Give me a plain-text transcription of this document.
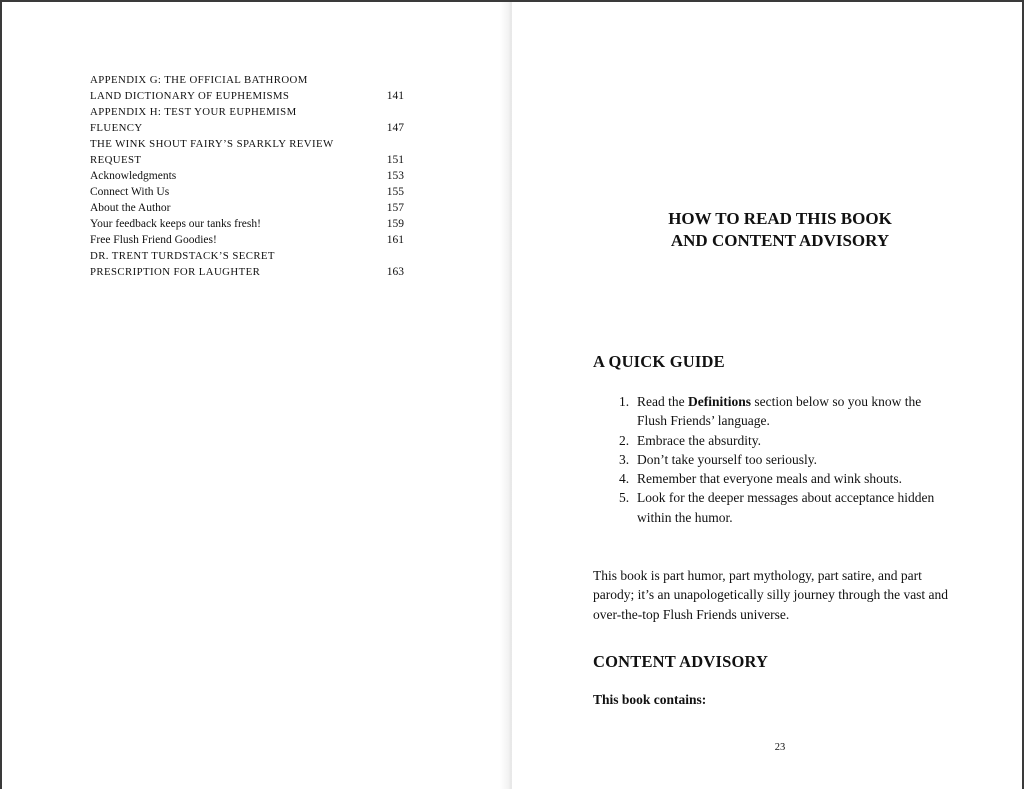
APPENDIX G: THE OFFICIAL BATHROOM
LAND DICTIONARY OF EUPHEMISMS	141
APPENDIX H: TEST YOUR EUPHEMISM
FLUENCY	147
THE WINK SHOUT FAIRY’S SPARKLY REVIEW
REQUEST	151
Acknowledgments	153
Connect With Us	155
About the Author	157
Your feedback keeps our tanks fresh!	159
Free Flush Friend Goodies!	161
DR. TRENT TURDSTACK’S SECRET
PRESCRIPTION FOR LAUGHTER	163
HOW TO READ THIS BOOK
AND CONTENT ADVISORY
A QUICK GUIDE
1. Read the Definitions section below so you know the Flush Friends’ language.
2. Embrace the absurdity.
3. Don’t take yourself too seriously.
4. Remember that everyone meals and wink shouts.
5. Look for the deeper messages about acceptance hidden within the humor.
This book is part humor, part mythology, part satire, and part parody; it’s an unapologetically silly journey through the vast and over-the-top Flush Friends universe.
CONTENT ADVISORY
This book contains:
23
